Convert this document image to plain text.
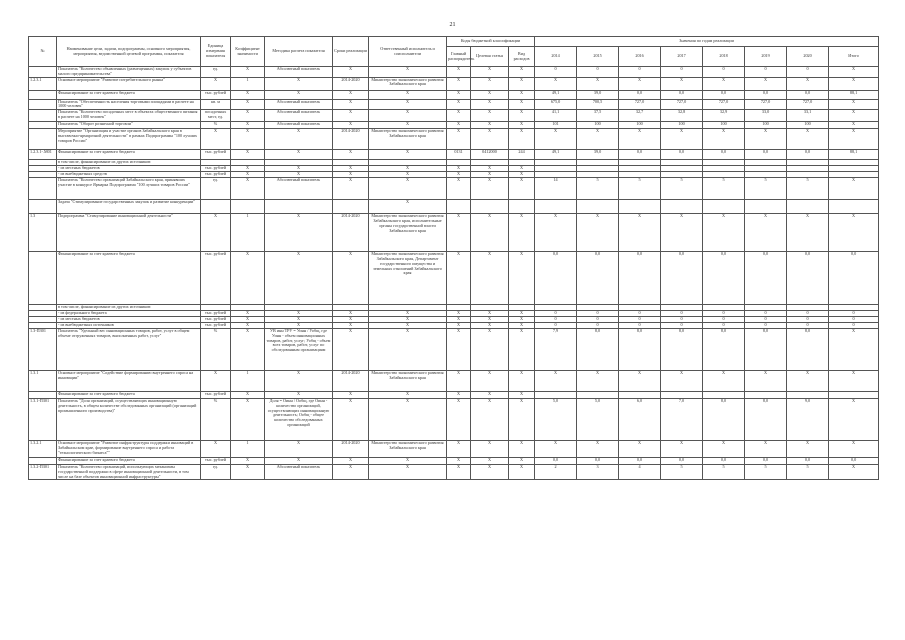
21
№	Наименование цели, задачи, подпрограммы, основного мероприятия, мероприятия, ведомственной целевой программы, показателя	Единица измерения показателя	Коэффициент значимости	Методика расчета показателя	Сроки реализации	Ответственный исполнитель и соисполнители	Коды бюджетной классификации			Значения по годам реализации							
							Главный распорядитель	Целевая статья	Вид расходов	2014	2015	2016	2017	2018	2019	2020	Итого
	Показатель "Количество объявленных (размещенных) закупок у субъектов малого предпринимательства"	ед.	X	Абсолютный показатель	X	X	X	X	X	0	0	0	0	0	0	0	X
1.2.3.1	Основное мероприятие "Развитие потребительского рынка"	X	1	X	2014-2020	Министерство экономического развития Забайкальского края	X	X	X	X	X	X	X	X	X	X	X
	Финансирование за счет краевого бюджета	тыс. рублей	X	X	X	X	X	X	X	49,1	39,0	0,0	0,0	0,0	0,0	0,0	88,1
	Показатель "Обеспеченность населения торговыми площадями в расчете на 1000 человек"	кв. м	X	Абсолютный показатель	X	X	X	X	X	675,0	700,5	727,0	727,0	727,0	727,0	727,0	X
	Показатель "Количество посадочных мест в объектах общественного питания в расчете на 1000 человек"	посадочных мест, ед.	X	Абсолютный показатель	X	X	X	X	X	41,1	37,5	32,7	32,8	32,9	33,0	33,1	X
	Показатель "Оборот розничной торговли"	%	X	Абсолютный показатель	X	X	X	X	X	101	100	100	100	100	100	100	X
	Мероприятие "Организация и участие органов Забайкальского края в выставочно-ярмарочной деятельности" в рамках Подпрограммы "100 лучших товаров России"	X	X	X	2014-2020	Министерство экономического развития Забайкальского края	X	X	X	X	X	X	X	X	X	X	X
1.2.3.1-.М01	Финансирование за счет краевого бюджета	тыс. рублей	X	X	X	X	0131	0412000	244	49,1	39,0	0,0	0,0	0,0	0,0	0,0	88,1
	в том числе, финансирование из других источников:																
	- из местных бюджетов	тыс. рублей	X	X	X	X	X	X	X								
	- из внебюджетных средств	тыс. рублей	X	X	X	X	X	X	X								
	Показатель "Количество организаций Забайкальского края, принявших участие в конкурсе Ярмарка Подпрограмма "100 лучших товаров России"	ед.	X	Абсолютный показатель	X	X	X	X	X	14	5	5	5	5	5	5	X
	Задача "Стимулирование государственных закупок и развитие конкуренции"					X											
1.3	Подпрограмма "Стимулирование инновационной деятельности"	X	1	X	2014-2020	Министерство экономического развития Забайкальского края, исполнительные органы государственной власти Забайкальского края	X	X	X	X	X	X	X	X	X	X	X
	Финансирование за счет краевого бюджета	тыс. рублей	X	X	X	Министерство экономического развития Забайкальского края, Департамент государственного имущества и земельных отношений Забайкальского края	X	X	X	0,0	0,0	0,0	0,0	0,0	0,0	0,0	0,0
	в том числе, финансирование из других источников:																
	- из федерального бюджета	тыс. рублей	X	X	X	X	X	X	X	0	0	0	0	0	0	0	0
	- из местных бюджетов	тыс. рублей	X	X	X	X	X	X	X	0	0	0	0	0	0	0	0
	- из внебюджетных источников	тыс. рублей	X	X	X	X	X	X	X	0	0	0	0	0	0	0	0
1.3-ПЗ01	Показатель "Удельный вес инновационных товаров, работ, услуг в общем объеме отгруженных товаров, выполненных работ, услуг"	%	X	УВ инн ТРУ = Уинн / Уобщ, где Уинн - объем инновационных товаров, работ, услуг; Уобщ - объем всех товаров, работ, услуг по обследованным организациям	X	X	X	X	X	7,9	8,0	8,0	8,0	8,0	8,0	8,0	X
1.3.1	Основное мероприятие "Содействие формированию внутреннего спроса на инновации"	X	1	X	2014-2020	Министерство экономического развития Забайкальского края	X	X	X	X	X	X	X	X	X	X	X
	Финансирование за счет краевого бюджета	тыс. рублей	X	X	X	X	X	X	X								
1.3.1-ПЗ01	Показатель "Доля организаций, осуществляющих инновационную деятельность, в общем количестве обследованных организаций (организаций промышленного производства)"	%	X	Доля = Оинн / Ообщ, где Оинн - количество организаций, осуществляющих инновационную деятельность; Ообщ - общее количество обследованных организаций	X	X	X	X	X	5,0	5,0	6,0	7,0	8,0	8,0	9,0	X
1.3.2.1	Основное мероприятие "Развитие инфраструктуры поддержки инноваций в Забайкальском крае, формирование внутреннего спроса и работа "технологического бизнеса""	X	1	X	2014-2020	Министерство экономического развития Забайкальского края	X	X	X	X	X	X	X	X	X	X	X
	Финансирование за счет краевого бюджета	тыс. рублей	X	X	X	X	X	X	X	0,0	0,0	0,0	0,0	0,0	0,0	0,0	0,0
1.3.2-ПЗ01	Показатель "Количество организаций, использующих механизмы государственной поддержки в сфере инновационной деятельности, в том числе на базе объектов инновационной инфраструктуры"	ед.	X	Абсолютный показатель	X	X	X	X	X	2	3	4	5	5	5	5	X
